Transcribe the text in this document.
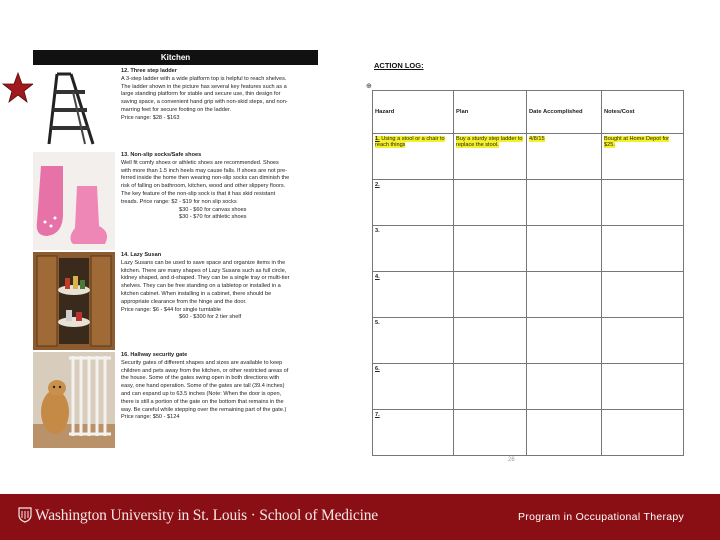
Kitchen
12. Three step ladder
A 3-step ladder with a wide platform top is helpful to reach shelves.
The ladder shown in the picture has several key features such as a
large standing platform for stable and secure use, thin design for
saving space, a convenient hand grip with non-skid steps, and non-
marring feet for secure footing on the ladder.
Price range: $28 - $163
13. Non-slip socks/Safe shoes
Well fit comfy shoes or athletic shoes are recommended. Shoes
with more than 1.5 inch heels may cause falls. If shoes are not pre-
ferred inside the home then wearing non-slip socks can diminish the
risk of falling on bathroom, kitchen, wood and other slippery floors.
The key feature of the non-slip sock is that it has skid resistant
treads. Price range: $2 - $19 for non slip socks
$30 - $60 for canvas shoes
$30 - $70 for athletic shoes
14. Lazy Susan
Lazy Susans can be used to save space and organize items in the
kitchen. There are many shapes of Lazy Susans such as full circle,
kidney shaped, and d-shaped. They can be a single tray or multi-tier
shelves. They can be free standing on a tabletop or installed in a
kitchen cabinet. When installing in a cabinet, there should be
appropriate clearance from the hinge and the door.
Price range: $6 - $44 for single turntable
$60 - $300 for 2 tier shelf
16. Hallway security gate
Security gates of different shapes and sizes are available to keep
children and pets away from the kitchen, or other restricted areas of
the house. Some of the gates swing open in both directions with
easy, one hand operation. Some of the gates are tall (39.4 inches)
and can expand up to 63.5 inches (Note: When the door is open,
there is still a portion of the gate on the bottom that remains in the
way. Be careful while stepping over the remaining part of the gate.)
Price range: $50 - $124
ACTION LOG:
⊕
Hazard	Plan	Date Accomplished	Notes/Cost
1. Using a stool or a chair to reach things	Buy a sturdy step ladder to replace the stool.	4/8/15	Bought at Home Depot for $25.
2.			
3.			
4.			
5.			
6.			
7.			
26
Washington University in St. Louis · School of Medicine	Program in Occupational Therapy
